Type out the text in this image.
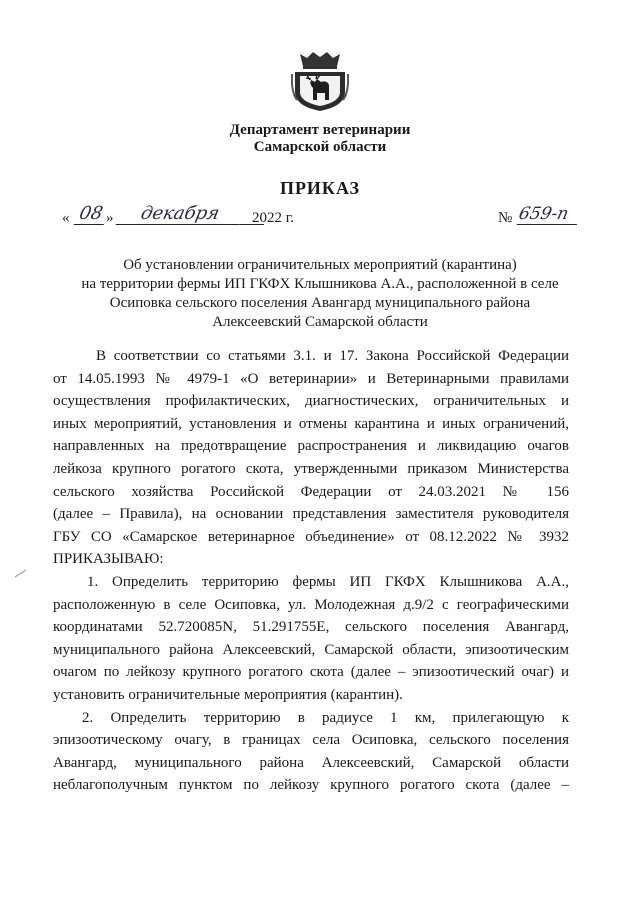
Департамент ветеринарии
Самарской области
ПРИКАЗ
« 08 »	декабря	2022 г.	№ 659-п
Об установлении ограничительных мероприятий (карантина)
на территории фермы ИП ГКФХ Клышникова А.А., расположенной в селе
Осиповка сельского поселения Авангард муниципального района
Алексеевский Самарской области
В соответствии со статьями 3.1. и 17. Закона Российской Федерации
от 14.05.1993 № 4979-1 «О ветеринарии» и Ветеринарными правилами
осуществления профилактических, диагностических, ограничительных и
иных мероприятий, установления и отмены карантина и иных ограничений,
направленных на предотвращение распространения и ликвидацию очагов
лейкоза крупного рогатого скота, утвержденными приказом Министерства
сельского хозяйства Российской Федерации от 24.03.2021 № 156
(далее – Правила), на основании представления заместителя руководителя
ГБУ СО «Самарское ветеринарное объединение» от 08.12.2022 № 3932
ПРИКАЗЫВАЮ:
1. Определить территорию фермы ИП ГКФХ Клышникова А.А.,
расположенную в селе Осиповка, ул. Молодежная д.9/2 с географическими
координатами 52.720085N, 51.291755E, сельского поселения Авангард,
муниципального района Алексеевский, Самарской области, эпизоотическим
очагом по лейкозу крупного рогатого скота (далее – эпизоотический очаг) и
установить ограничительные мероприятия (карантин).
2. Определить территорию в радиусе 1 км, прилегающую к
эпизоотическому очагу, в границах села Осиповка, сельского поселения
Авангард, муниципального района Алексеевский, Самарской области
неблагополучным пунктом по лейкозу крупного рогатого скота (далее –
